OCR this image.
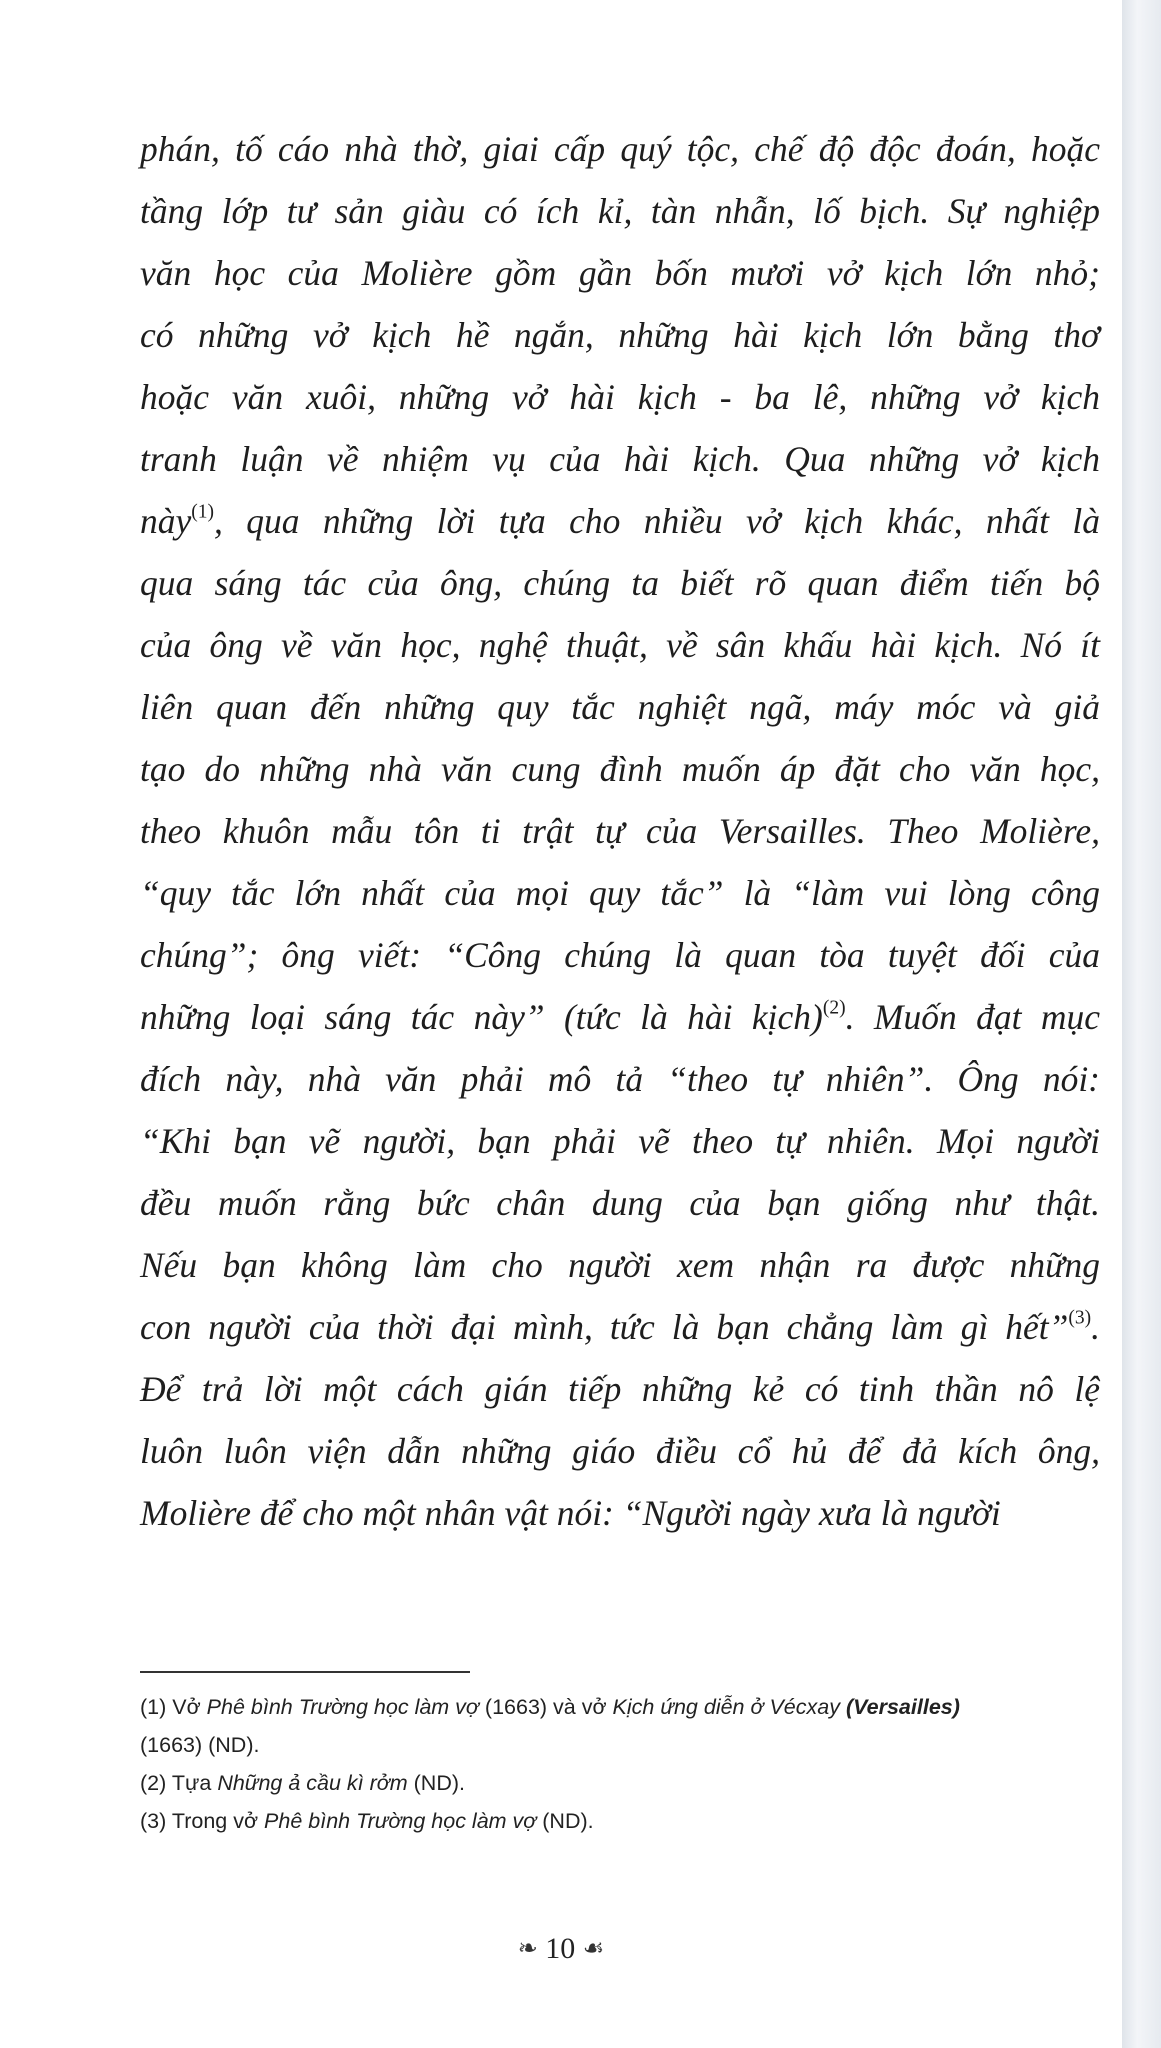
phán, tố cáo nhà thờ, giai cấp quý tộc, chế độ độc đoán, hoặc
tầng lớp tư sản giàu có ích kỉ, tàn nhẫn, lố bịch. Sự nghiệp
văn học của Molière gồm gần bốn mươi vở kịch lớn nhỏ;
có những vở kịch hề ngắn, những hài kịch lớn bằng thơ
hoặc văn xuôi, những vở hài kịch - ba lê, những vở kịch
tranh luận về nhiệm vụ của hài kịch. Qua những vở kịch
này$^{(1)}$, qua những lời tựa cho nhiều vở kịch khác, nhất là
qua sáng tác của ông, chúng ta biết rõ quan điểm tiến bộ
của ông về văn học, nghệ thuật, về sân khấu hài kịch. Nó ít
liên quan đến những quy tắc nghiệt ngã, máy móc và giả
tạo do những nhà văn cung đình muốn áp đặt cho văn học,
theo khuôn mẫu tôn ti trật tự của Versailles. Theo Molière,
“quy tắc lớn nhất của mọi quy tắc” là “làm vui lòng công
chúng”; ông viết: “Công chúng là quan tòa tuyệt đối của
những loại sáng tác này” (tức là hài kịch)$^{(2)}$. Muốn đạt mục
đích này, nhà văn phải mô tả “theo tự nhiên”. Ông nói:
“Khi bạn vẽ người, bạn phải vẽ theo tự nhiên. Mọi người
đều muốn rằng bức chân dung của bạn giống như thật.
Nếu bạn không làm cho người xem nhận ra được những
con người của thời đại mình, tức là bạn chẳng làm gì hết”$^{(3)}$.
Để trả lời một cách gián tiếp những kẻ có tinh thần nô lệ
luôn luôn viện dẫn những giáo điều cổ hủ để đả kích ông,
Molière để cho một nhân vật nói: “Người ngày xưa là người
(1) Vở Phê bình Trường học làm vợ (1663) và vở Kịch ứng diễn ở Vécxay (Versailles)
(1663) (ND).
(2) Tựa Những ả cầu kì rởm (ND).
(3) Trong vở Phê bình Trường học làm vợ (ND).
❧ 10 ☙
